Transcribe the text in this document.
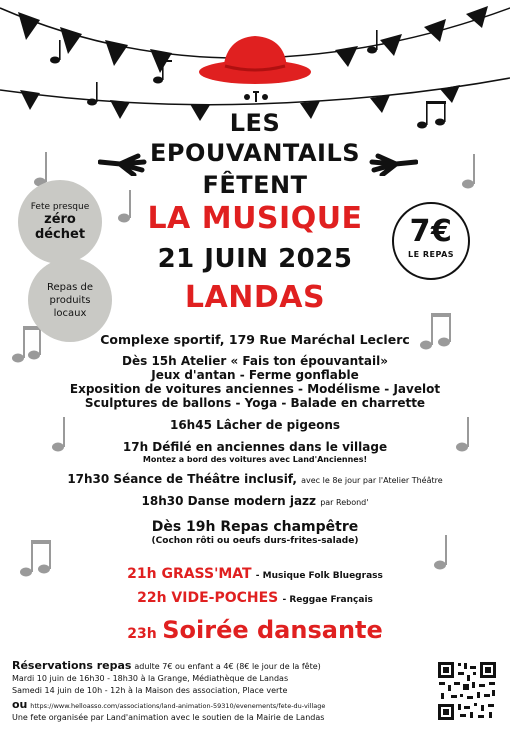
LES
EPOUVANTAILS
FÊTENT
LA MUSIQUE
21 JUIN 2025
LANDAS
Fete presque
zéro déchet
Repas de produits locaux
7€
LE REPAS
Complexe sportif, 179 Rue Maréchal Leclerc
Dès 15h Atelier « Fais ton épouvantail»
Jeux d'antan - Ferme gonflable
Exposition de voitures anciennes - Modélisme - Javelot
Sculptures de ballons - Yoga - Balade en charrette
16h45 Lâcher de pigeons
17h Défilé en anciennes dans le village
Montez a bord des voitures avec Land'Anciennes!
17h30 Séance de Théâtre inclusif, avec le 8e jour par l'Atelier Théâtre
18h30 Danse modern jazz par Rebond'
Dès 19h Repas champêtre
(Cochon rôti ou oeufs durs-frites-salade)
21h GRASS'MAT - Musique Folk Bluegrass
22h VIDE-POCHES - Reggae Français
23h Soirée dansante
Réservations repas adulte 7€ ou enfant a 4€ (8€ le jour de la fête)
Mardi 10 juin de 16h30 - 18h30 à la Grange, Médiathèque de Landas
Samedi 14 juin de 10h - 12h à la Maison des association, Place verte
ou https://www.helloasso.com/associations/land-animation-59310/evenements/fete-du-village
Une fete organisée par Land'animation avec le soutien de la Mairie de Landas
